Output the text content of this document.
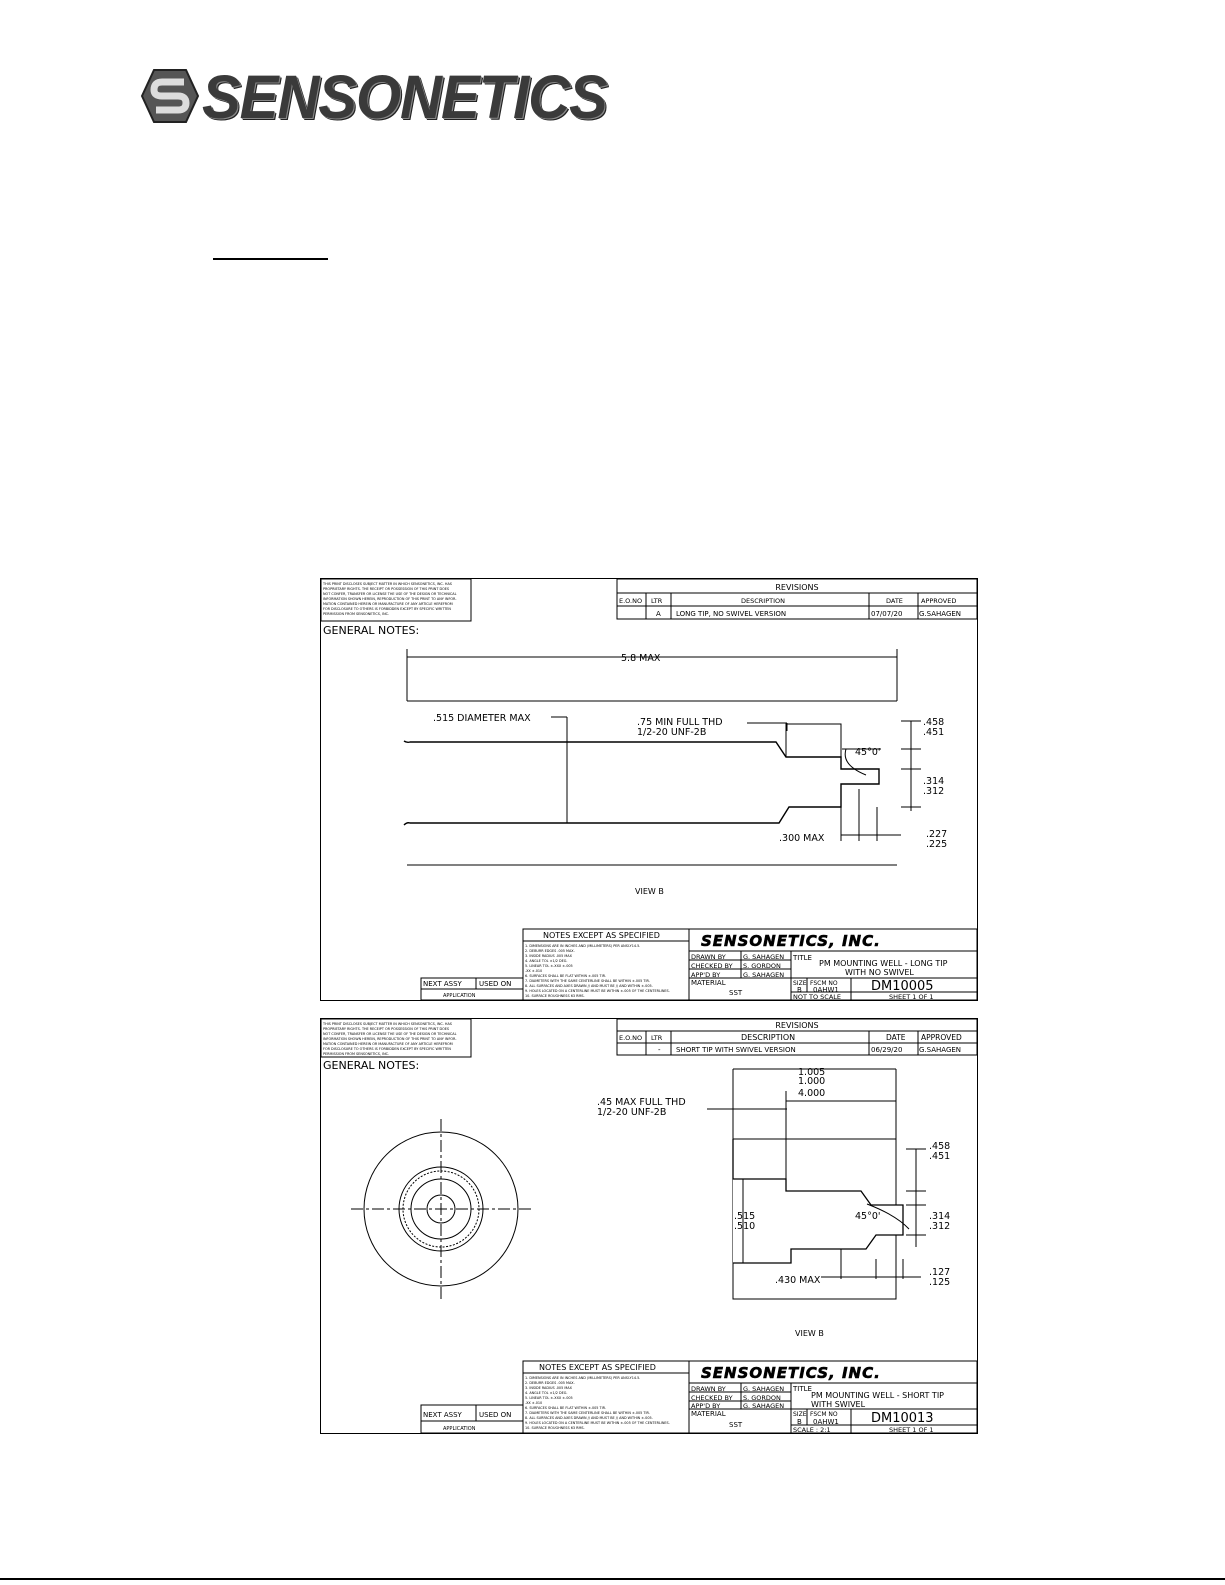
SENSONETICS
THIS PRINT DISCLOSES SUBJECT MATTER IN WHICH SENSONETICS, INC. HAS
PROPRIETARY RIGHTS. THE RECEIPT OR POSSESSION OF THIS PRINT DOES
NOT CONFER, TRANSFER OR LICENSE THE USE OF THE DESIGN OR TECHNICAL
INFORMATION SHOWN HEREIN, REPRODUCTION OF THIS PRINT TO ANY INFOR-
MATION CONTAINED HEREIN OR MANUFACTURE OF ANY ARTICLE HEREFROM
FOR DISCLOSURE TO OTHERS IS FORBIDDEN EXCEPT BY SPECIFIC WRITTEN
PERMISSION FROM SENSONETICS, INC.
REVISIONS
E.O.NO LTR	DESCRIPTION	DATE	APPROVED
A LONG TIP, NO SWIVEL VERSION	07/07/20 G.SAHAGEN
GENERAL NOTES:
5.8 MAX
.515 DIAMETER MAX	.75 MIN FULL THD
1/2-20 UNF-2B
45°0'
.458
.451
.314
.312
.300 MAX	.227
.225
VIEW B
NOTES EXCEPT AS SPECIFIED
1. DIMENSIONS ARE IN INCHES AND (MILLIMETERS) PER ANSI-Y14.5.
2. DEBURR EDGES .005 MAX.
3. INSIDE RADIUS .005 MAX
4. ANGLE TOL ±1/2 DEG.
5. LINEAR TOL ±.XXX ±.005
.XX ±.010
6. SURFACES SHALL BE FLAT WITHIN ±.005 TIR.
7. DIAMETERS WITH THE SAME CENTERLINE SHALL BE WITHIN ±.005 TIR.
8. ALL SURFACES AND AXES DRAWN // AND MUST BE // AND WITHIN ±.005.
9. HOLES LOCATED ON A CENTERLINE MUST BE WITHIN ±.005 OF THE CENTERLINES.
10. SURFACE ROUGHNESS 63 RMS.
SENSONETICS, INC.
DRAWN BY	G. SAHAGEN
CHECKED BY S. GORDON
APP'D BY	G. SAHAGEN
TITLE
PM MOUNTING WELL - LONG TIP
WITH NO SWIVEL
MATERIAL
SST
SIZE
B
FSCM NO
0AHW1 DM10005
NOT TO SCALE	SHEET 1 OF 1
NEXT ASSY USED ON
APPLICATION
THIS PRINT DISCLOSES SUBJECT MATTER IN WHICH SENSONETICS, INC. HAS
PROPRIETARY RIGHTS. THE RECEIPT OR POSSESSION OF THIS PRINT DOES
NOT CONFER, TRANSFER OR LICENSE THE USE OF THE DESIGN OR TECHNICAL
INFORMATION SHOWN HEREIN, REPRODUCTION OF THIS PRINT TO ANY INFOR-
MATION CONTAINED HEREIN OR MANUFACTURE OF ANY ARTICLE HEREFROM
FOR DISCLOSURE TO OTHERS IS FORBIDDEN EXCEPT BY SPECIFIC WRITTEN
PERMISSION FROM SENSONETICS, INC.
REVISIONS
E.O.NO LTR	DESCRIPTION	DATE APPROVED
- SHORT TIP WITH SWIVEL VERSION	06/29/20 G.SAHAGEN
GENERAL NOTES:
1.005
1.000
4.000
.45 MAX FULL THD
1/2-20 UNF-2B
.458
.451
.515
.510
45°0'	.314
.312
.430 MAX
.127
.125
VIEW B
NOTES EXCEPT AS SPECIFIED
1. DIMENSIONS ARE IN INCHES AND (MILLIMETERS) PER ANSI-Y14.5.
2. DEBURR EDGES .005 MAX.
3. INSIDE RADIUS .005 MAX
4. ANGLE TOL ±1/2 DEG.
5. LINEAR TOL ±.XXX ±.005
.XX ±.010
6. SURFACES SHALL BE FLAT WITHIN ±.005 TIR.
7. DIAMETERS WITH THE SAME CENTERLINE SHALL BE WITHIN ±.005 TIR.
8. ALL SURFACES AND AXES DRAWN // AND MUST BE // AND WITHIN ±.005.
9. HOLES LOCATED ON A CENTERLINE MUST BE WITHIN ±.005 OF THE CENTERLINES.
10. SURFACE ROUGHNESS 63 RMS.
SENSONETICS, INC.
DRAWN BY	G. SAHAGEN
CHECKED BY S. GORDON
APP'D BY	G. SAHAGEN
TITLE
PM MOUNTING WELL - SHORT TIP
WITH SWIVEL
MATERIAL
SST
SIZE
B
FSCM NO
0AHW1 DM10013
SCALE : 2:1	SHEET 1 OF 1
NEXT ASSY USED ON
APPLICATION
